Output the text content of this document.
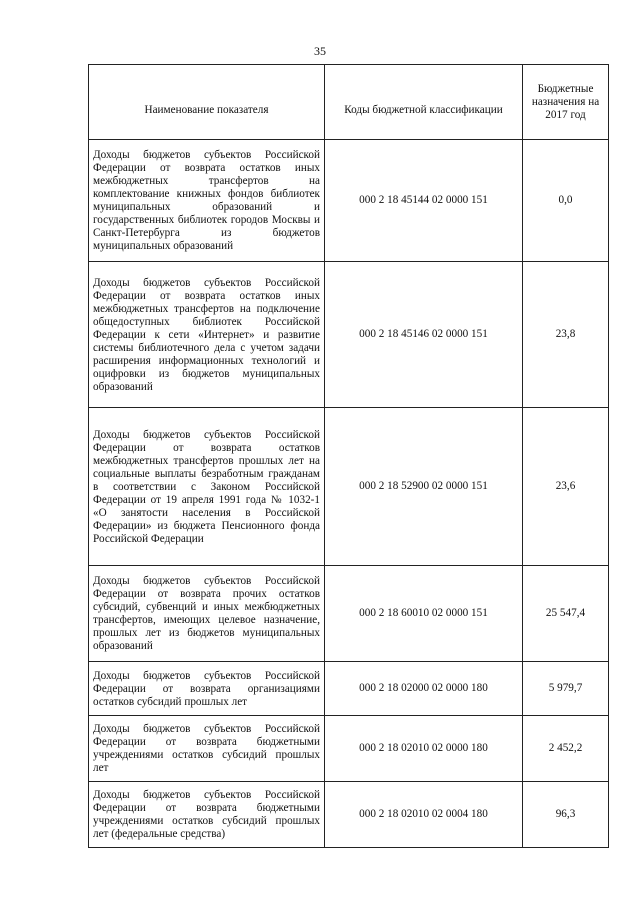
35
Наименование показателя	Коды бюджетной классификации	Бюджетные назначения на 2017 год
Доходы бюджетов субъектов Российской Федерации от возврата остатков иных межбюджетных трансфертов на комплектование книжных фондов библиотек муниципальных образований и государственных библиотек городов Москвы и Санкт-Петербурга из бюджетов муниципальных образований	000 2 18 45144 02 0000 151	0,0
Доходы бюджетов субъектов Российской Федерации от возврата остатков иных межбюджетных трансфертов на подключение общедоступных библиотек Российской Федерации к сети «Интернет» и развитие системы библиотечного дела с учетом задачи расширения информационных технологий и оцифровки из бюджетов муниципальных образований	000 2 18 45146 02 0000 151	23,8
Доходы бюджетов субъектов Российской Федерации от возврата остатков межбюджетных трансфертов прошлых лет на социальные выплаты безработным гражданам в соответствии с Законом Российской Федерации от 19 апреля 1991 года № 1032-1 «О занятости населения в Российской Федерации» из бюджета Пенсионного фонда Российской Федерации	000 2 18 52900 02 0000 151	23,6
Доходы бюджетов субъектов Российской Федерации от возврата прочих остатков субсидий, субвенций и иных межбюджетных трансфертов, имеющих целевое назначение, прошлых лет из бюджетов муниципальных образований	000 2 18 60010 02 0000 151	25 547,4
Доходы бюджетов субъектов Российской Федерации от возврата организациями остатков субсидий прошлых лет	000 2 18 02000 02 0000 180	5 979,7
Доходы бюджетов субъектов Российской Федерации от возврата бюджетными учреждениями остатков субсидий прошлых лет	000 2 18 02010 02 0000 180	2 452,2
Доходы бюджетов субъектов Российской Федерации от возврата бюджетными учреждениями остатков субсидий прошлых лет (федеральные средства)	000 2 18 02010 02 0004 180	96,3
